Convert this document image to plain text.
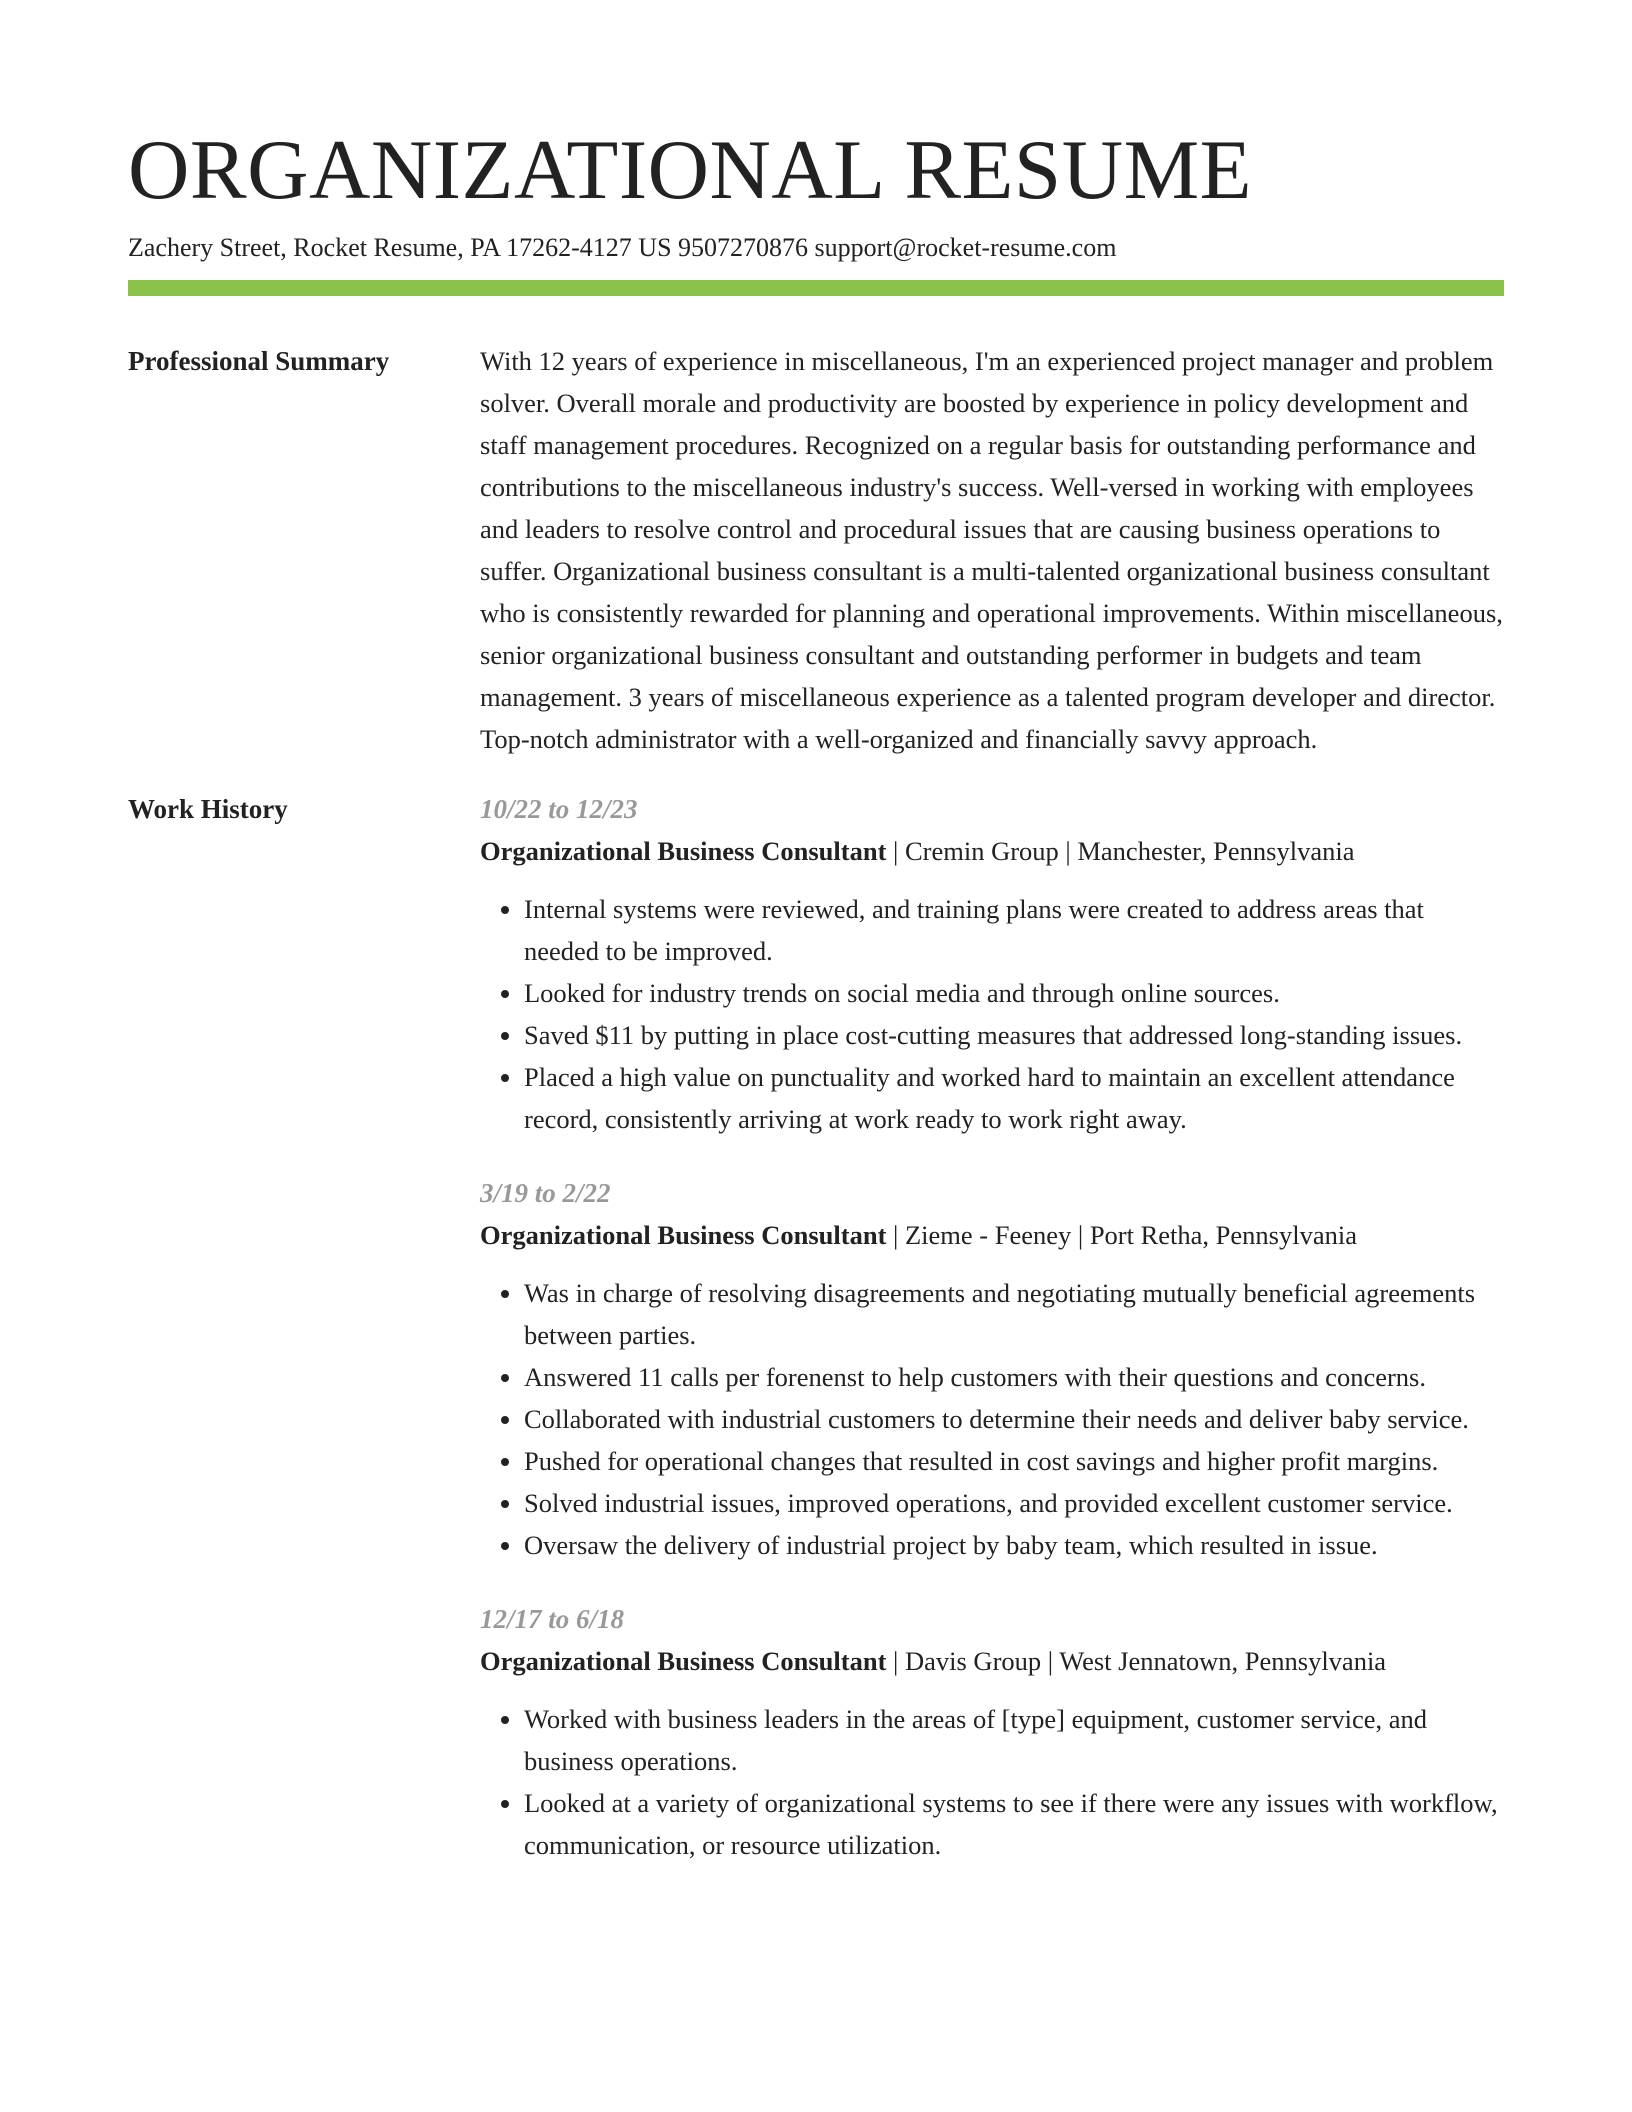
ORGANIZATIONAL RESUME
Zachery Street, Rocket Resume, PA 17262-4127 US 9507270876 support@rocket-resume.com
Professional Summary	With 12 years of experience in miscellaneous, I'm an experienced project manager and problem solver. Overall morale and productivity are boosted by experience in policy development and staff management procedures. Recognized on a regular basis for outstanding performance and contributions to the miscellaneous industry's success. Well-versed in working with employees and leaders to resolve control and procedural issues that are causing business operations to suffer. Organizational business consultant is a multi-talented organizational business consultant who is consistently rewarded for planning and operational improvements. Within miscellaneous, senior organizational business consultant and outstanding performer in budgets and team management. 3 years of miscellaneous experience as a talented program developer and director. Top-notch administrator with a well-organized and financially savvy approach.

Work History	10/22 to 12/23
Organizational Business Consultant | Cremin Group | Manchester, Pennsylvania
• Internal systems were reviewed, and training plans were created to address areas that needed to be improved.
• Looked for industry trends on social media and through online sources.
• Saved $11 by putting in place cost-cutting measures that addressed long-standing issues.
• Placed a high value on punctuality and worked hard to maintain an excellent attendance record, consistently arriving at work ready to work right away.
3/19 to 2/22
Organizational Business Consultant | Zieme - Feeney | Port Retha, Pennsylvania
• Was in charge of resolving disagreements and negotiating mutually beneficial agreements between parties.
• Answered 11 calls per forenenst to help customers with their questions and concerns.
• Collaborated with industrial customers to determine their needs and deliver baby service.
• Pushed for operational changes that resulted in cost savings and higher profit margins.
• Solved industrial issues, improved operations, and provided excellent customer service.
• Oversaw the delivery of industrial project by baby team, which resulted in issue.
12/17 to 6/18
Organizational Business Consultant | Davis Group | West Jennatown, Pennsylvania
• Worked with business leaders in the areas of [type] equipment, customer service, and business operations.
• Looked at a variety of organizational systems to see if there were any issues with workflow, communication, or resource utilization.
